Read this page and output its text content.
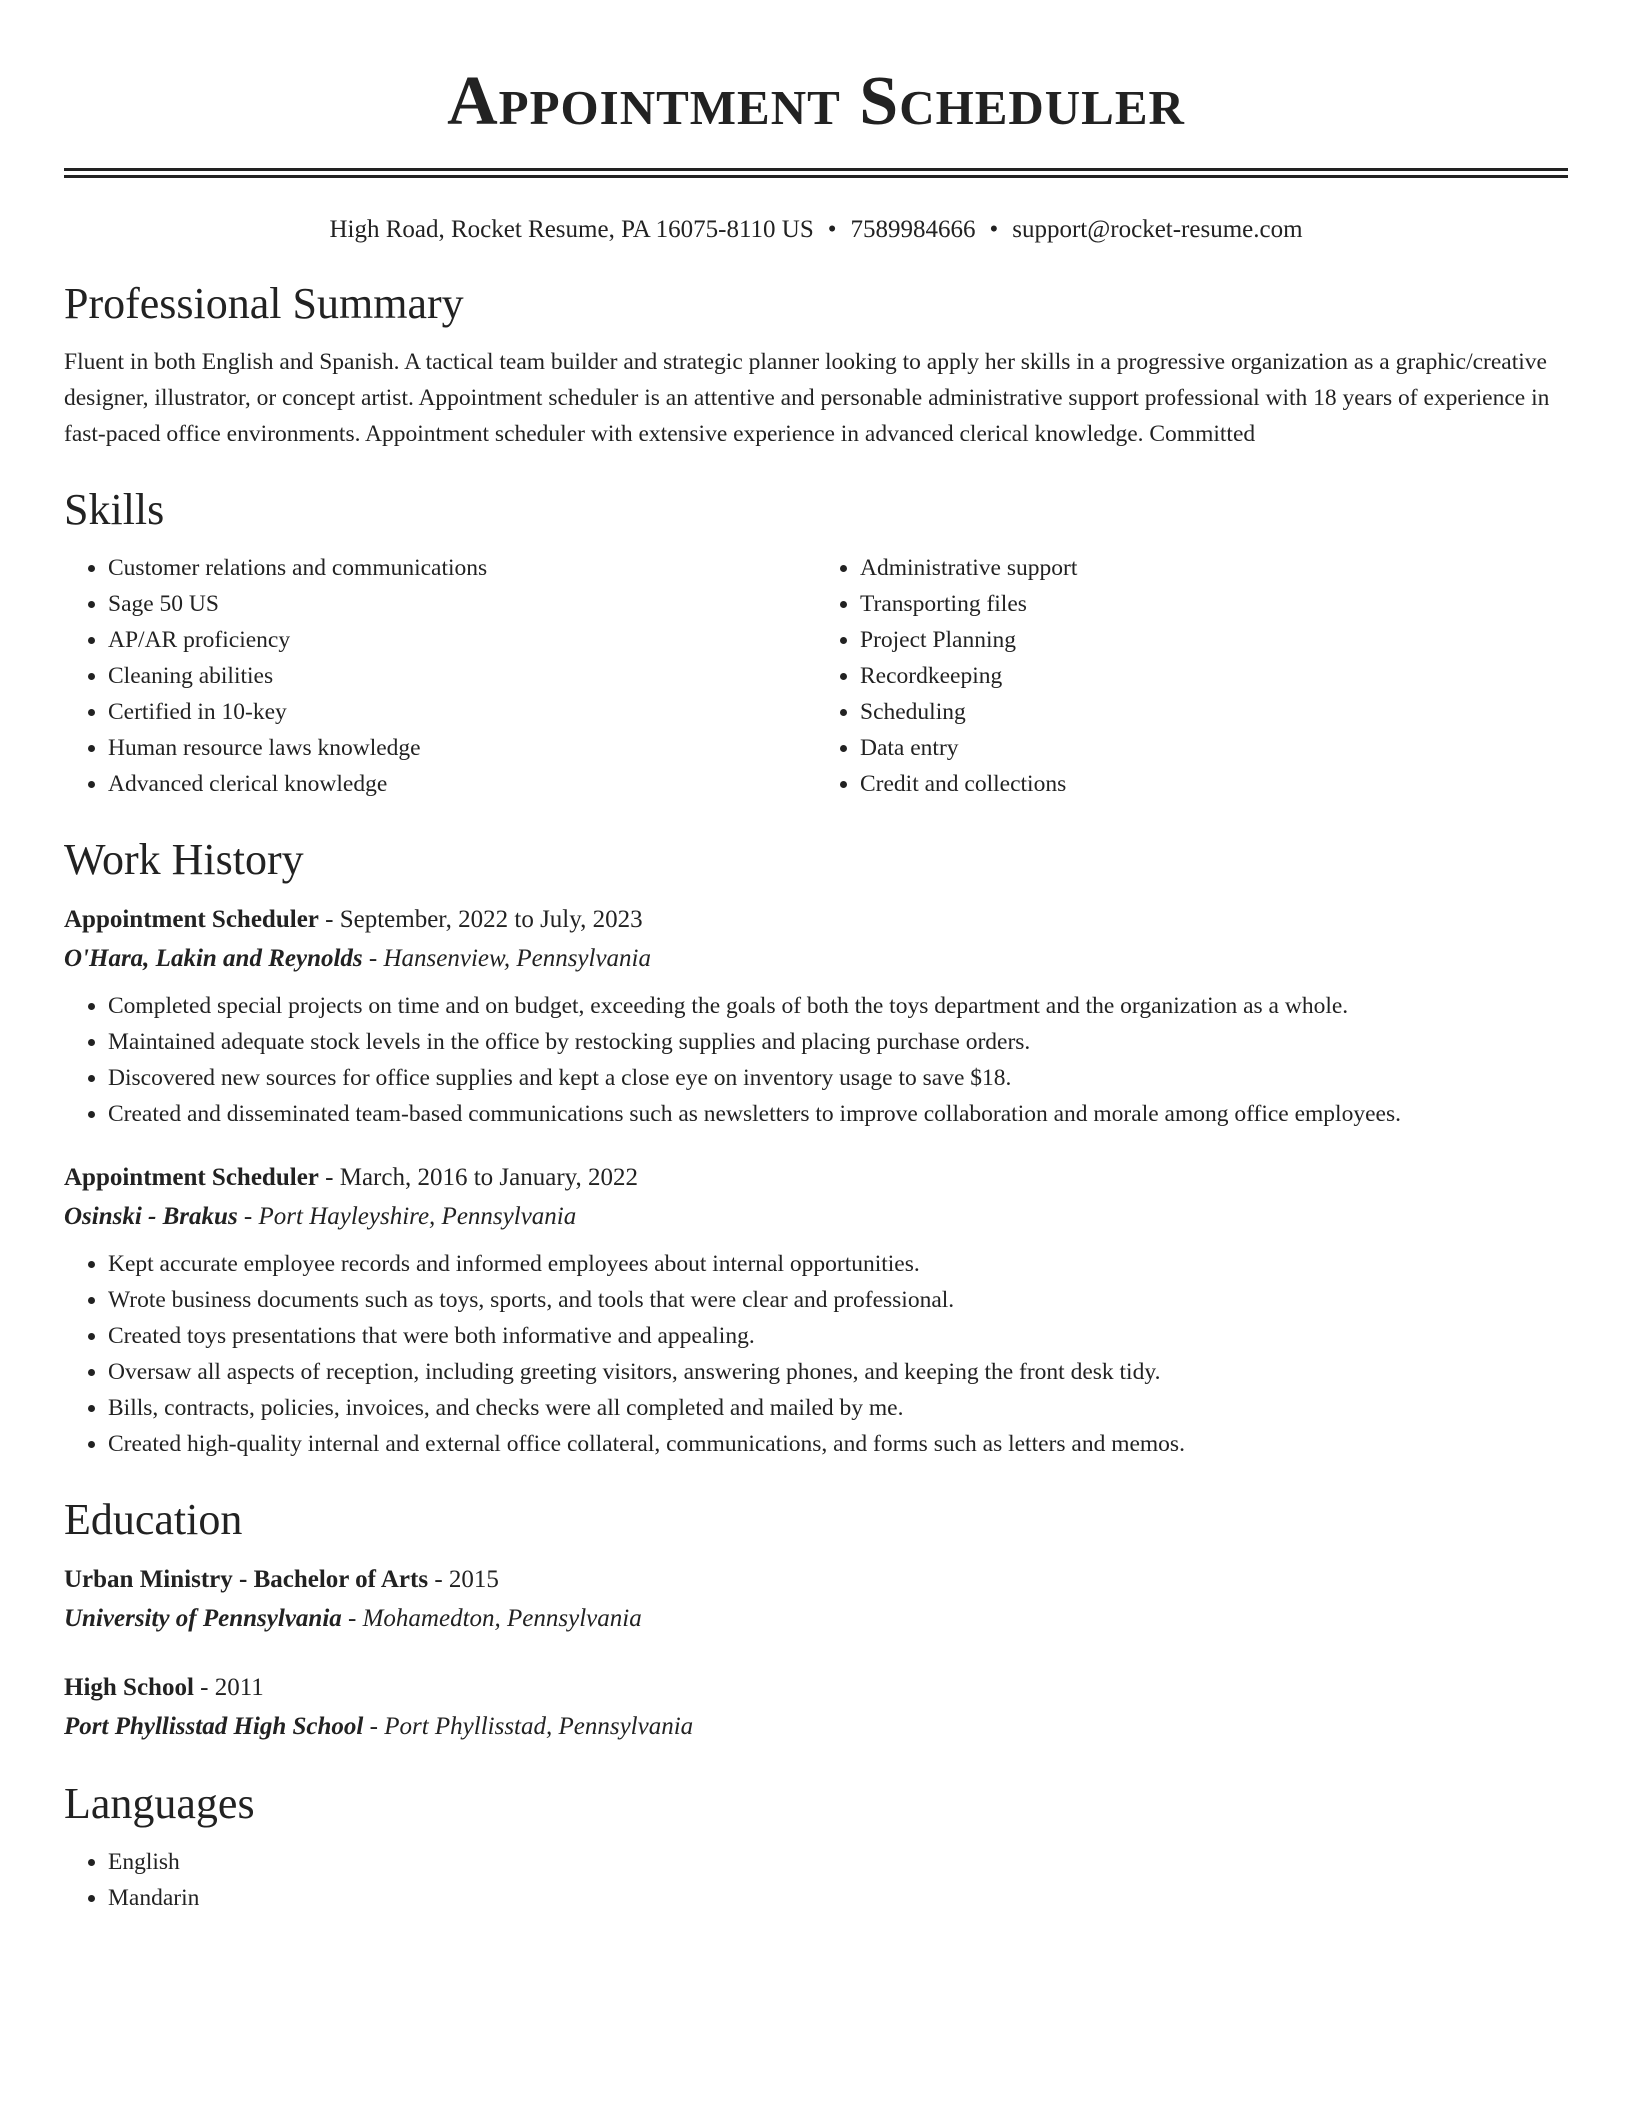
Appointment Scheduler
High Road, Rocket Resume, PA 16075-8110 US • 7589984666 • support@rocket-resume.com
Professional Summary

Fluent in both English and Spanish. A tactical team builder and strategic planner looking to apply her skills in a progressive organization as a graphic/creative designer, illustrator, or concept artist. Appointment scheduler is an attentive and personable administrative support professional with 18 years of experience in fast-paced office environments. Appointment scheduler with extensive experience in advanced clerical knowledge. Committed

Skills
• Customer relations and communications
• Sage 50 US
• AP/AR proficiency
• Cleaning abilities
• Certified in 10-key
• Human resource laws knowledge
• Advanced clerical knowledge
• Administrative support
• Transporting files
• Project Planning
• Recordkeeping
• Scheduling
• Data entry
• Credit and collections
Work History
Appointment Scheduler - September, 2022 to July, 2023
O'Hara, Lakin and Reynolds - Hansenview, Pennsylvania
• Completed special projects on time and on budget, exceeding the goals of both the toys department and the organization as a whole.
• Maintained adequate stock levels in the office by restocking supplies and placing purchase orders.
• Discovered new sources for office supplies and kept a close eye on inventory usage to save $18.
• Created and disseminated team-based communications such as newsletters to improve collaboration and morale among office employees.
Appointment Scheduler - March, 2016 to January, 2022
Osinski - Brakus - Port Hayleyshire, Pennsylvania
• Kept accurate employee records and informed employees about internal opportunities.
• Wrote business documents such as toys, sports, and tools that were clear and professional.
• Created toys presentations that were both informative and appealing.
• Oversaw all aspects of reception, including greeting visitors, answering phones, and keeping the front desk tidy.
• Bills, contracts, policies, invoices, and checks were all completed and mailed by me.
• Created high-quality internal and external office collateral, communications, and forms such as letters and memos.
Education
Urban Ministry - Bachelor of Arts - 2015
University of Pennsylvania - Mohamedton, Pennsylvania
High School - 2011
Port Phyllisstad High School - Port Phyllisstad, Pennsylvania
Languages
• English
• Mandarin
